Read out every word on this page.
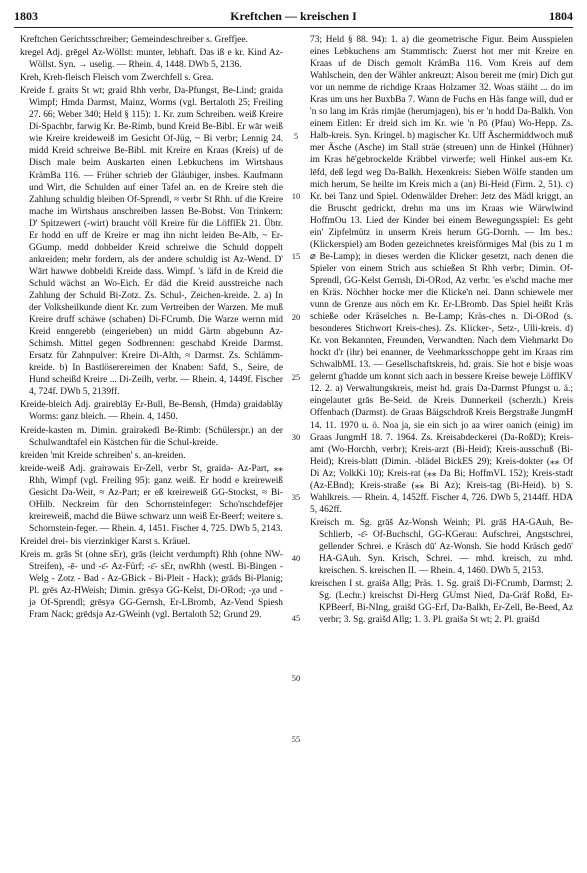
1803	Kreftchen — kreischen I	1804

Kreftchen Gerichtsschreiber; Gemeindeschreiber s. Greffjee.

kregel Adj. grēgel Az-Wöllst: munter, lebhaft. Das iß e kr. Kind Az-Wöllst. Syn. → uselig. — Rhein. 4, 1448. DWb 5, 2136.

Kreh, Kreh-fleisch Fleisch vom Zwerchfell s. Grea.

Kreide f. graits St wt; graid Rhh verbr, Da-Pfungst, Be-Lind; graida Wimpf; Hmda Darmst, Mainz, Worms (vgl. Bertaloth 25; Freiling 27. 66; Weber 340; Held § 115): 1. Kr. zum Schreiben. weiß Kreire Di-Spachbr, farwig Kr. Be-Rimb, bund Kreid Be-Bibl. Er wār weiß wie Kreire kreideweiß im Gesicht Of-Jüg, ~ Bi verbr; Lennig 24. midd Kreid schreiwe Be-Bibl. mit Kreire en Kraas (Kreis) uf de Disch male beim Auskarten einen Lebkuchens im Wirtshaus KrämBa 116. — Früher schrieb der Gläubiger, insbes. Kaufmann und Wirt, die Schulden auf einer Tafel an. en de Kreire steh die Zahlung schuldig bleiben Of-Sprendl, ≈ verbr St Rhh. uf die Kreire mache im Wirtshaus anschreiben lassen Be-Bobst. Von Trinkern: D' Spitzewert (-wirt) braucht völl Kreire für die LöfflEk 21. Übtr. Er hodd en uff de Kreire er mag ihn nicht leiden Be-Alb, ~ Er-GGump. medd dobbelder Kreid schreiwe die Schuld doppelt ankreiden; mehr fordern, als der andere schuldig ist Az-Wend. D' Wārt hawwe dobbeldi Kreide dass. Wimpf. 's läfd in de Kreid die Schuld wächst an Wo-Eich. Er däd die Kreid ausstreiche nach Zahlung der Schuld Bi-Zotz. Zs. Schul-, Zeichen-kreide. 2. a) In der Volksheilkunde dient Kr. zum Vertreiben der Warzen. Me muß Kreire druff schäwe (schaben) Di-FCrumb. Die Warze wernn mid Kreid enngerebb (eingerieben) un midd Gärtn abgebunn Az-Schimsh. Mittel gegen Sodbrennen: geschabd Kreide Darmst. Ersatz für Zahnpulver: Kreire Di-Alth, ≈ Darmst. Zs. Schlämm-kreide. b) In Bastlöserereimen der Knaben: Safd, S., Seire, de Hund scheißd Kreire ... Di-Zeilh, verbr. — Rhein. 4, 1449f. Fischer 4, 724f. DWb 5, 2139ff.

Kreide-bleich Adj. graireblāy Er-Bull, Be-Bensh, (Hmda) graidəblāy Worms: ganz bleich. — Rhein. 4, 1450.

Kreide-kasten m. Dimin. grairəkedl Be-Rimb: (Schülerspr.) an der Schulwandtafel ein Kästchen für die Schul-kreide.

kreiden 'mit Kreide schreiben' s. an-kreiden.

kreide-weiß Adj. grairəwais Er-Zell, verbr St, graidə- Az-Part, ⁎⁎ Rhh, Wimpf (vgl. Freiling 95): ganz weiß. Er hodd e kreireweiß Gesicht Da-Weit, ≈ Az-Part; er eß kreireweiß GG-Stockst, ≈ Bi-OHilb. Neckreim für den Schornsteinfeger: Scho'nschdefējer kreireweiß, machd die Büwe schwarz unn weiß Er-Beerf; weitere s. Schornstein-feger. — Rhein. 4, 1451. Fischer 4, 725. DWb 5, 2143.

Kreidel drei- bis vierzinkiger Karst s. Kräuel.

Kreis m. grās St (ohne sEr), grās (leicht verdumpft) Rhh (ohne NW-Streifen), -ē- und -ɛ̄- Az-Fürf; -ɛ̄- sEr, nwRhh (westl. Bi-Bingen - Welg - Zotz - Bad - Az-GBick - Bi-Pleit - Hack); grāds Bi-Planig; Pl. grēs Az-HWeish; Dimin. grēsyə GG-Kelst, Di-ORod; -χə und -jə Of-Sprendl; grēsyə GG-Gernsh, Er-LBromb, Az-Vend Spiesh Fram Nack; grēdsjə Az-GWeinh (vgl. Bertaloth 52; Grund 29.

5
10
15
20
25
30
35
40
45
50
55

73; Held § 88. 94): 1. a) die geometrische Figur. Beim Ausspielen eines Lebkuchens am Stammtisch: Zuerst hot mer mit Kreire en Kraas uf de Disch gemolt KrämBa 116. Vom Kreis auf dem Wahlschein, den der Wähler ankreuzt: Alsou bereit me (mir) Dich gut vor un nemme de richdige Kraas Holzamer 32. Woas stäiht ... do im Kras um uns her BuxbBa 7. Wann de Fuchs en Häs fange will, dud er 'n so lang im Kräs rimjāe (herumjagen), bis er 'n hodd Da-Balkh. Von einem Eitlen: Er dreid sich im Kr. wie 'n Pō (Pfau) Wo-Hepp. Zs. Halb-kreis. Syn. Kringel. b) magischer Kr. Uff Äschermiddwoch muß mer Äsche (Asche) im Stall sträe (streuen) unn de Hinkel (Hühner) im Kras hē'gebrockelde Kräbbel virwerfe; well Hinkel aus-em Kr. lēfd, deß legd weg Da-Balkh. Hexenkreis: Sieben Wölfe standen um mich herum, Se heilte im Kreis mich a (an) Bi-Heid (Firm. 2, 51). c) Kr. bei Tanz und Spiel. Odenwälder Dreher: Jetz des Mädl kriggt, an die Bruscht gedrickt, drehn ma uns im Kraas wie Wärwlwind HoffmOu 13. Lied der Kinder bei einem Bewegungsspiel: Es geht ein' Zipfelmütz in unserm Kreis herum GG-Dornh. — Im bes.: (Klickerspiel) am Boden gezeichnetes kreisförmiges Mal (bis zu 1 m ⌀ Be-Lamp); in dieses werden die Klicker gesetzt, nach denen die Spieler von einem Strich aus schießen St Rhh verbr; Dimin. Of-Sprendl, GG-Kelst Gernsh, Di-ORod, Az verbr. 'es e'schd mache mer en Kräs. Nöchher hocke mer die Klicke'n nei. Dann schiewele mer vunn de Grenze aus nöch em Kr. Er-LBromb. Das Spiel heißt Kräs schieße oder Kräselches n. Be-Lamp; Kräs-ches n. Di-ORod (s. besonderes Stichwort Kreis-ches). Zs. Klicker-, Setz-, Ulli-kreis. d) Kr. von Bekannten, Freunden, Verwandten. Nach dem Viehmarkt Do hockt d'r (ihr) bei enanner, de Veehmarksschoppe geht im Kraas rim SchwalbML 13. — Gesellschaftskreis, hd. grais. Sie hot e bisje woas gelernt g'hadde um konnt sich aach in bessere Kreise beweje LöfflKV 12. 2. a) Verwaltungskreis, meist hd. grais Da-Darmst Pfungst u. ä.; eingelautet grās Be-Seid. de Kreis Dunnerkeil (scherzh.) Kreis Offenbach (Darmst). de Graas Bäigschdroß Kreis Bergstraße JungmH 14. 11. 1970 u. ö. Noa ja, sie ein sich jo aa wirer oanich (einig) im Graas JungmH 18. 7. 1964. Zs. Kreisabdeckerei (Da-RoßD); Kreis-amt (Wo-Horchh, verbr); Kreis-arzt (Bi-Heid); Kreis-ausschuß (Bi-Heid); Kreis-blatt (Dimin. -blädel BickES 29); Kreis-dokter (⁎⁎ Of Di Az; VolkKi 10); Kreis-rat (⁎⁎ Da Bi; HoffmVL 152); Kreis-stadt (Az-EBnd); Kreis-straße (⁎⁎ Bi Az); Kreis-tag (Bi-Heid). b) S. Wahlkreis. — Rhein. 4, 1452ff. Fischer 4, 726. DWb 5, 2144ff. HDA 5, 462ff.

Kreisch m. Sg. grāš Az-Wonsh Weinh; Pl. grāš HA-GAuh, Be-Schlierb, -ɛ̄- Of-Buchschl, GG-KGerau: Aufschrei, Angstschrei, gellender Schrei. e Kräsch dū' Az-Wonsh. Sie hodd Kräsch gedō' HA-GAuh. Syn. Krisch, Schrei. — mhd. kreisch, zu mhd. kreischen. S. kreischen II. — Rhein. 4, 1460. DWb 5, 2153.

kreischen I st. graišə Allg; Präs. 1. Sg. graiš Di-FCrumb, Darmst; 2. Sg. (Lechr.) kreischst Di-Herg GUmst Nied, Da-Gräf Roßd, Er-KPBeerf, Bi-NIng, graišd GG-Erf, Da-Balkh, Er-Zell, Be-Beed, Az verbr; 3. Sg. graišd Allg; 1. 3. Pl. graišə St wt; 2. Pl. graišd
